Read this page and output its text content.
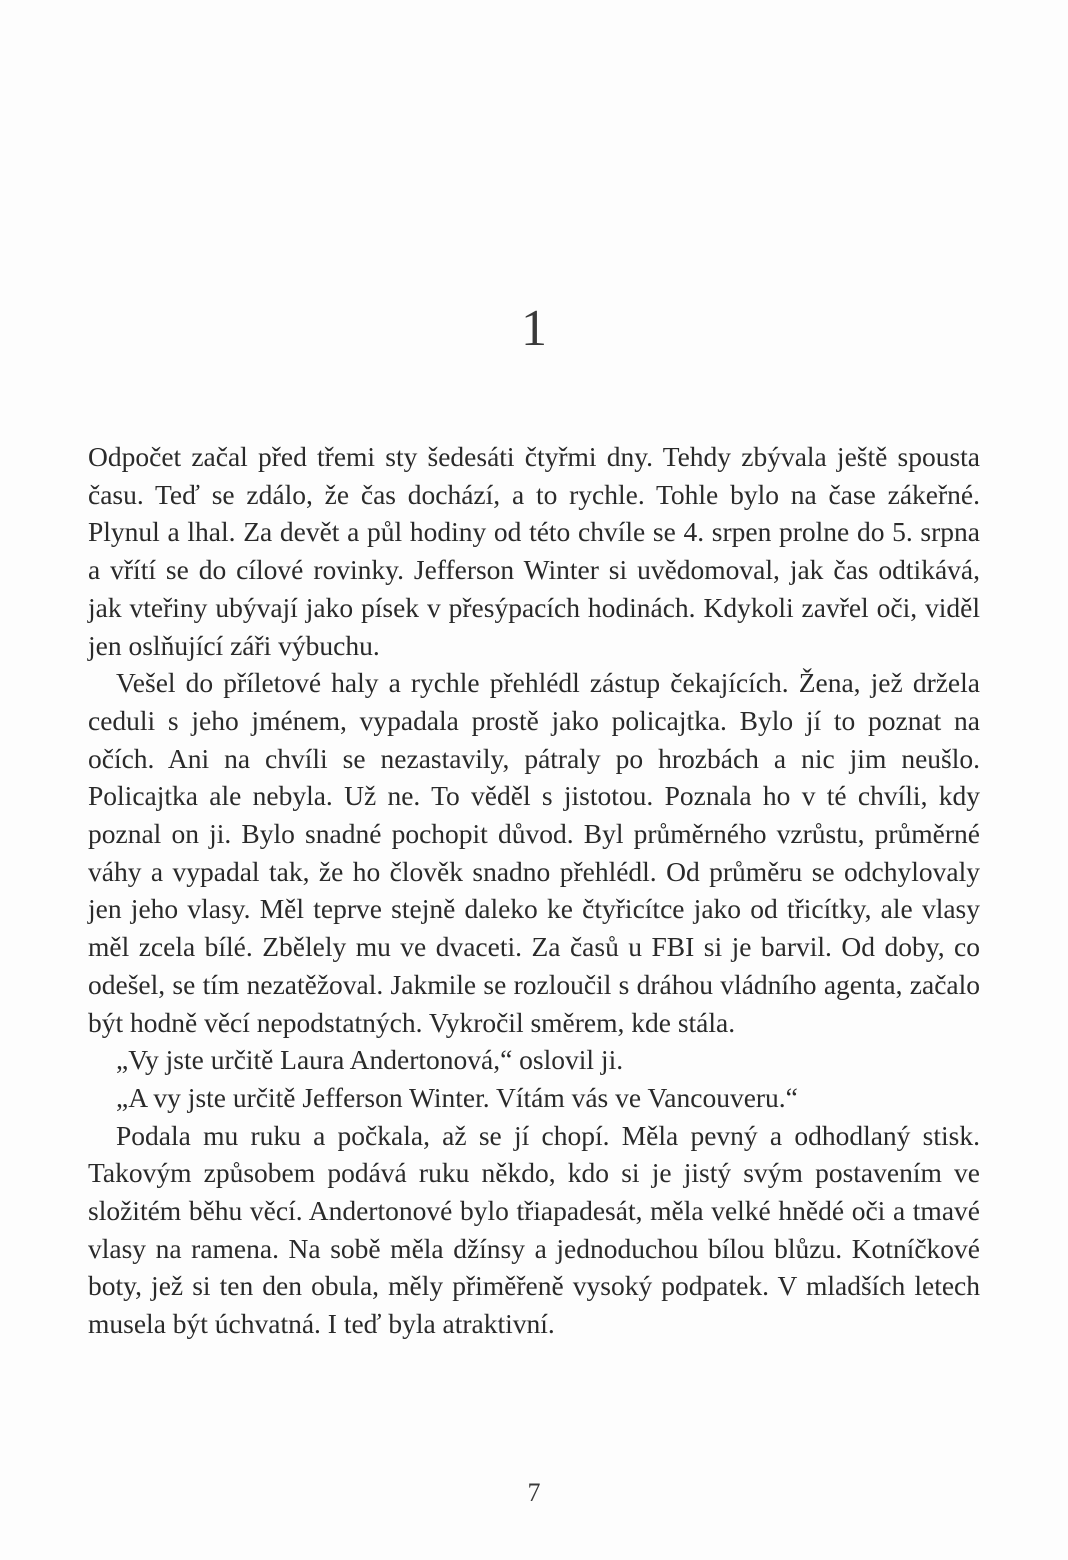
1

Odpočet začal před třemi sty šedesáti čtyřmi dny. Tehdy zbývala ještě spousta času. Teď se zdálo, že čas dochází, a to rychle. Tohle bylo na čase zákeřné. Plynul a lhal. Za devět a půl hodiny od této chvíle se 4. srpen prolne do 5. srpna a vřítí se do cílové rovinky. Jefferson Winter si uvědomoval, jak čas odtikává, jak vteřiny ubývají jako písek v přesýpacích hodinách. Kdykoli zavřel oči, viděl jen oslňující záři výbuchu.

Vešel do příletové haly a rychle přehlédl zástup čekajících. Žena, jež držela ceduli s jeho jménem, vypadala prostě jako policajtka. Bylo jí to poznat na očích. Ani na chvíli se nezastavily, pátraly po hrozbách a nic jim neušlo. Policajtka ale nebyla. Už ne. To věděl s jistotou. Poznala ho v té chvíli, kdy poznal on ji. Bylo snadné pochopit důvod. Byl průměrného vzrůstu, průměrné váhy a vypadal tak, že ho člověk snadno přehlédl. Od průměru se odchylovaly jen jeho vlasy. Měl teprve stejně daleko ke čtyřicítce jako od třicítky, ale vlasy měl zcela bílé. Zbělely mu ve dvaceti. Za časů u FBI si je barvil. Od doby, co odešel, se tím nezatěžoval. Jakmile se rozloučil s dráhou vládního agenta, začalo být hodně věcí nepodstatných. Vykročil směrem, kde stála.

„Vy jste určitě Laura Andertonová,“ oslovil ji.

„A vy jste určitě Jefferson Winter. Vítám vás ve Vancouveru.“

Podala mu ruku a počkala, až se jí chopí. Měla pevný a odhodlaný stisk. Takovým způsobem podává ruku někdo, kdo si je jistý svým postavením ve složitém běhu věcí. Andertonové bylo třiapadesát, měla velké hnědé oči a tmavé vlasy na ramena. Na sobě měla džínsy a jednoduchou bílou blůzu. Kotníčkové boty, jež si ten den obula, měly přiměřeně vysoký podpatek. V mladších letech musela být úchvatná. I teď byla atraktivní.

7
